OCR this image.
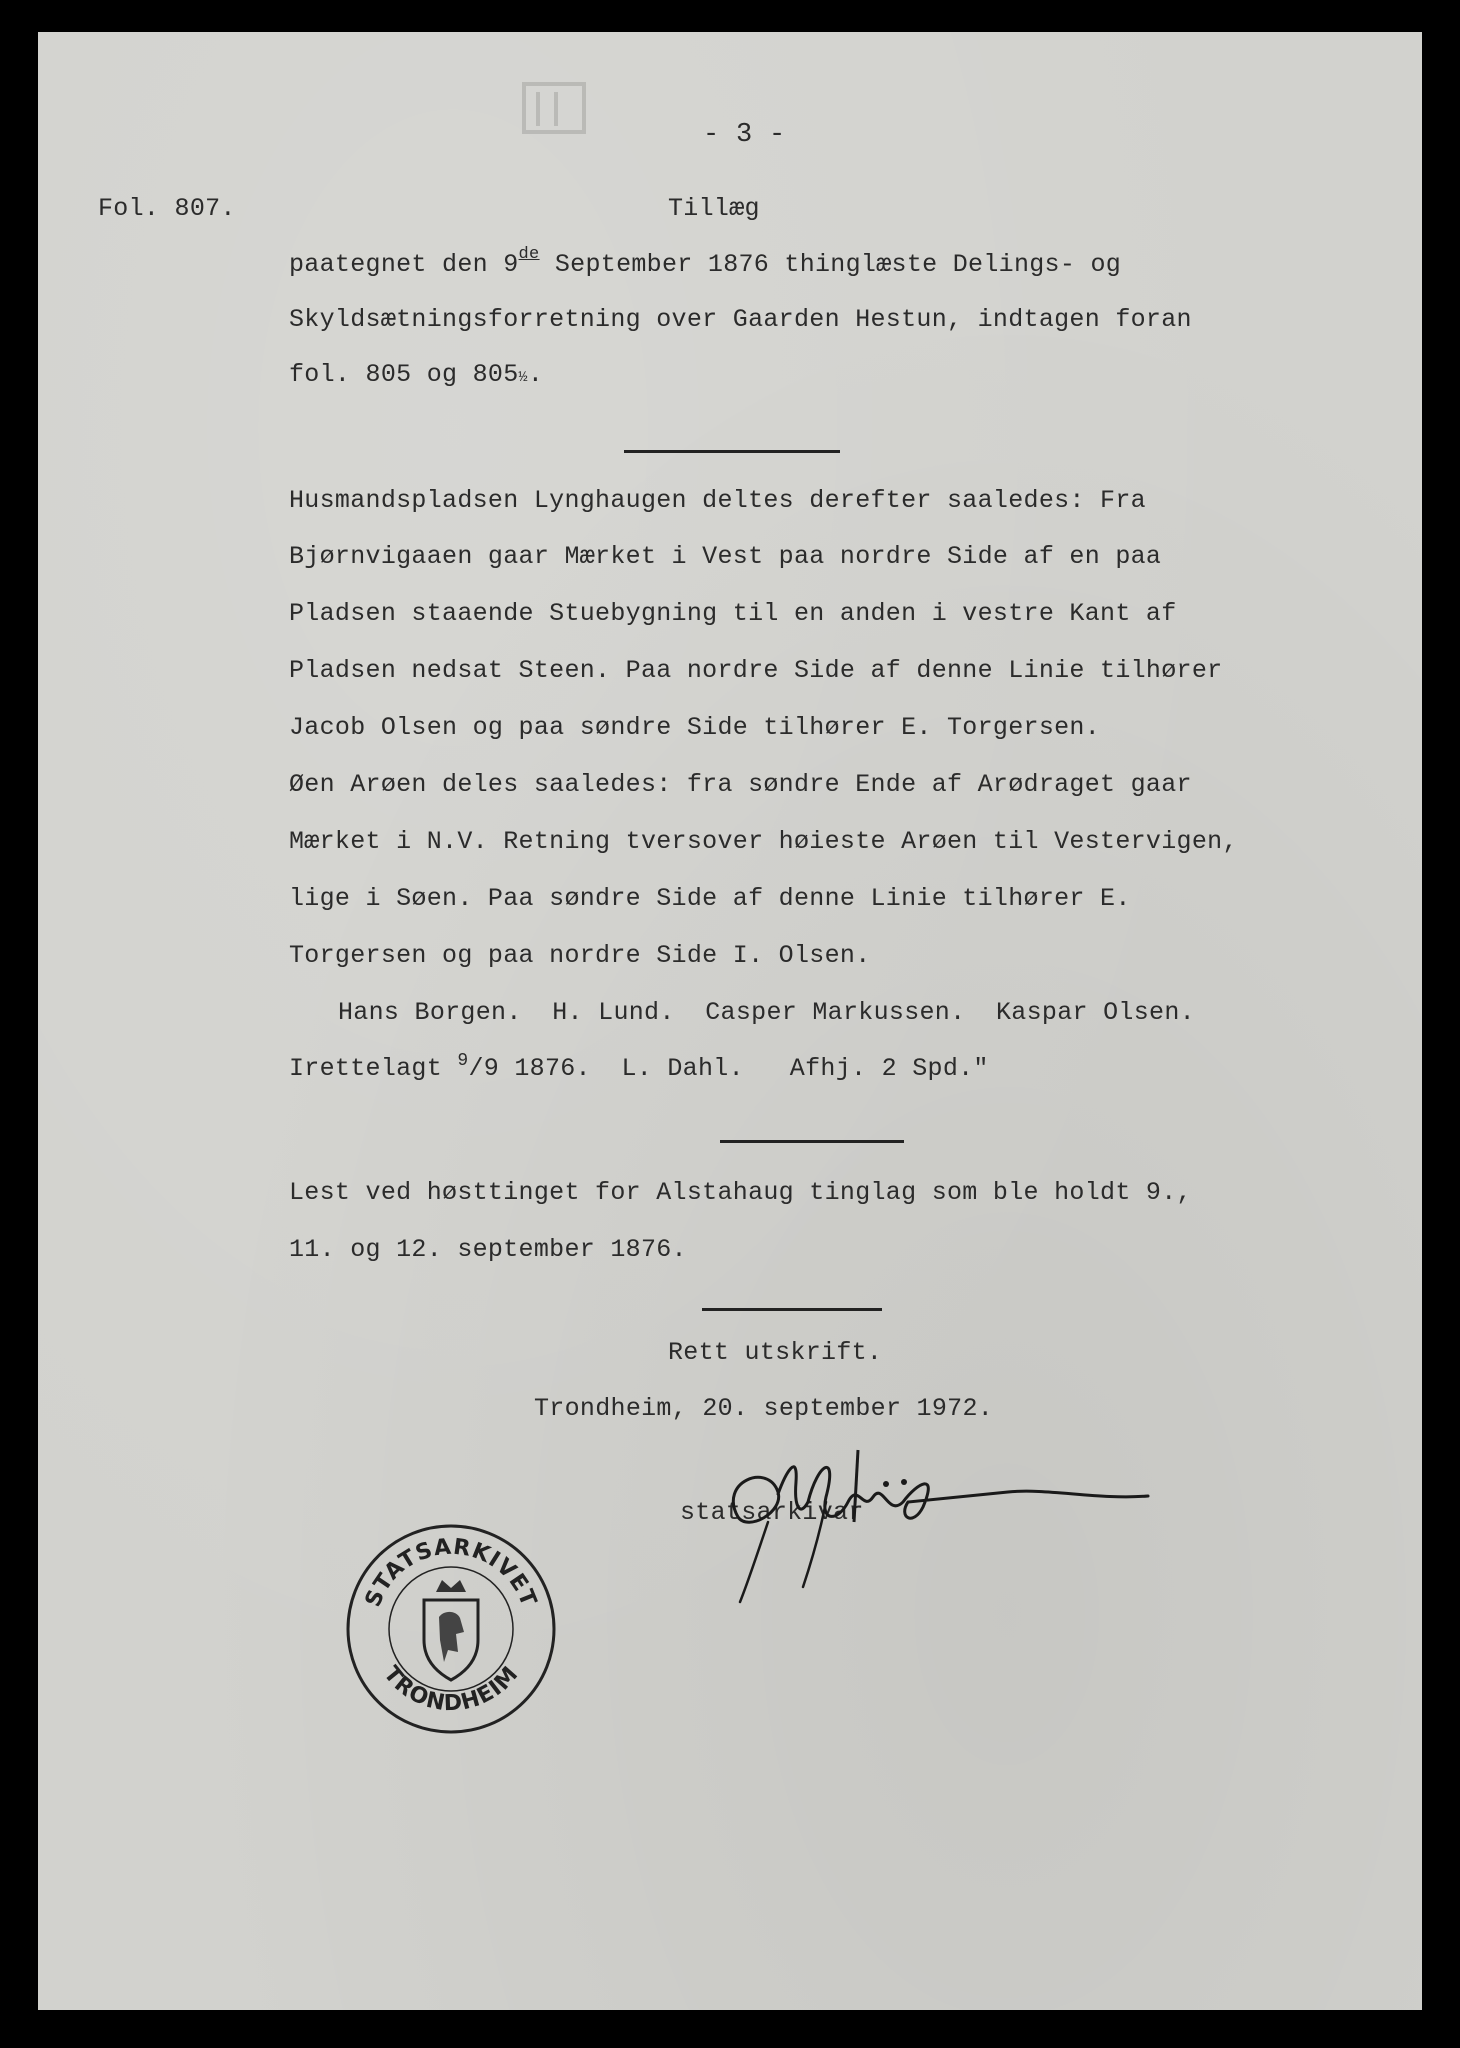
- 3 -
Fol. 807.	Tillæg
paategnet den 9de September 1876 thinglæste Delings- og
Skyldsætningsforretning over Gaarden Hestun, indtagen foran
fol. 805 og 805½.
Husmandspladsen Lynghaugen deltes derefter saaledes: Fra
Bjørnvigaaen gaar Mærket i Vest paa nordre Side af en paa
Pladsen staaende Stuebygning til en anden i vestre Kant af
Pladsen nedsat Steen. Paa nordre Side af denne Linie tilhører
Jacob Olsen og paa søndre Side tilhører E. Torgersen.
Øen Arøen deles saaledes: fra søndre Ende af Arødraget gaar
Mærket i N.V. Retning tversover høieste Arøen til Vestervigen,
lige i Søen. Paa søndre Side af denne Linie tilhører E.
Torgersen og paa nordre Side I. Olsen.
Hans Borgen.  H. Lund.  Casper Markussen.  Kaspar Olsen.
Irettelagt $^9$/9 1876.  L. Dahl.   Afhj. 2 Spd."
Lest ved høsttinget for Alstahaug tinglag som ble holdt 9.,
11. og 12. september 1876.
Rett utskrift.
Trondheim, 20. september 1972.
statsarkivar
STATSARKIVET
TRONDHEIM
